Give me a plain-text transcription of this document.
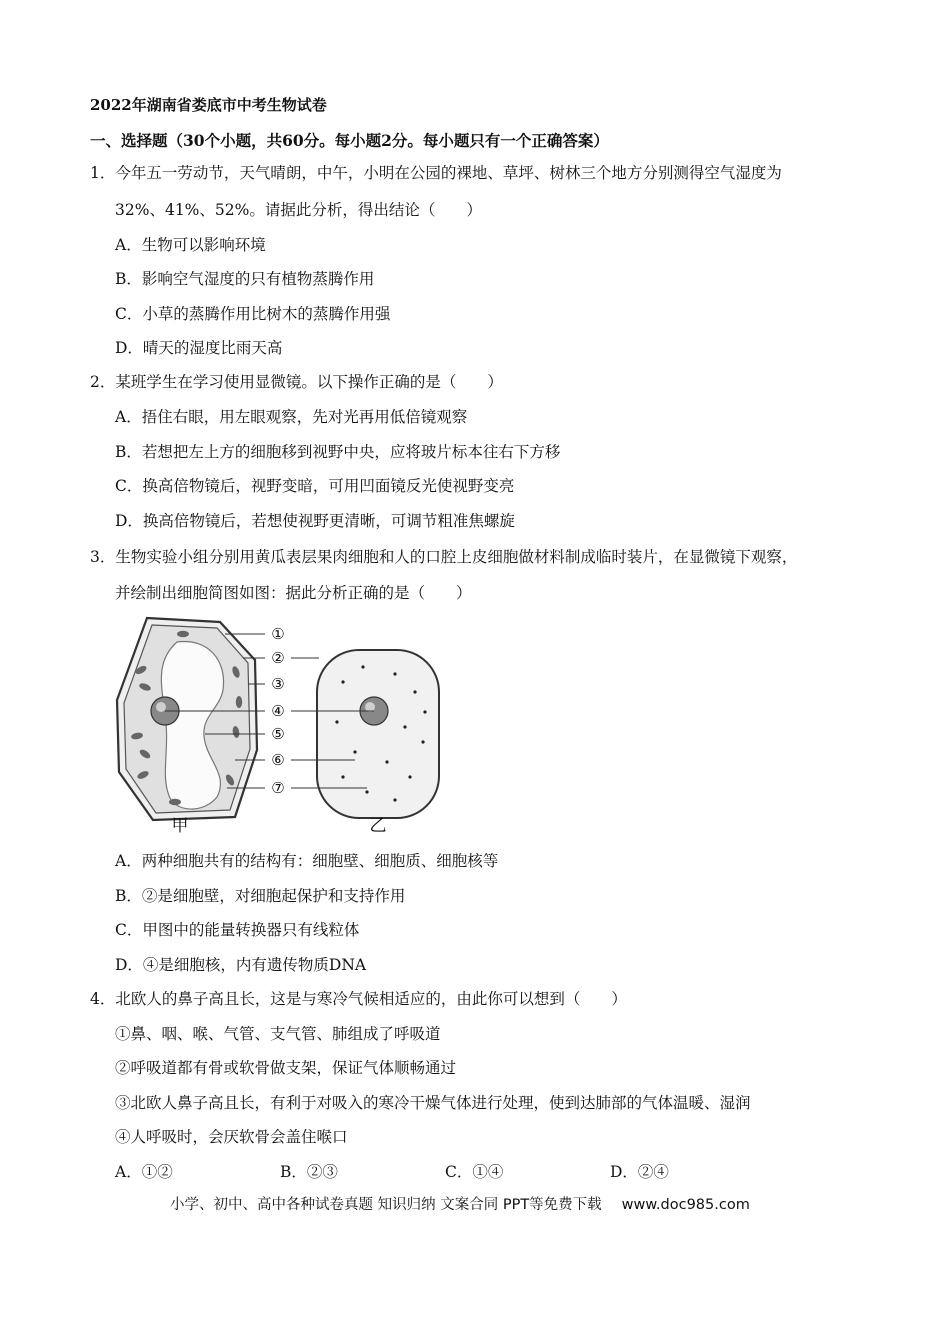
2022年湖南省娄底市中考生物试卷
一、选择题（30个小题，共60分。每小题2分。每小题只有一个正确答案）
1．今年五一劳动节，天气晴朗，中午，小明在公园的裸地、草坪、树林三个地方分别测得空气湿度为
32%、41%、52%。请据此分析，得出结论（　　）
A．生物可以影响环境
B．影响空气湿度的只有植物蒸腾作用
C．小草的蒸腾作用比树木的蒸腾作用强
D．晴天的湿度比雨天高
2．某班学生在学习使用显微镜。以下操作正确的是（　　）
A．捂住右眼，用左眼观察，先对光再用低倍镜观察
B．若想把左上方的细胞移到视野中央，应将玻片标本往右下方移
C．换高倍物镜后，视野变暗，可用凹面镜反光使视野变亮
D．换高倍物镜后，若想使视野更清晰，可调节粗准焦螺旋
3．生物实验小组分别用黄瓜表层果肉细胞和人的口腔上皮细胞做材料制成临时装片，在显微镜下观察，
并绘制出细胞简图如图：据此分析正确的是（　　）
①
②
③
④
⑤
⑥
⑦
甲	乙
A．两种细胞共有的结构有：细胞壁、细胞质、细胞核等
B．②是细胞壁，对细胞起保护和支持作用
C．甲图中的能量转换器只有线粒体
D．④是细胞核，内有遗传物质DNA
4．北欧人的鼻子高且长，这是与寒冷气候相适应的，由此你可以想到（　　）
①鼻、咽、喉、气管、支气管、肺组成了呼吸道
②呼吸道都有骨或软骨做支架，保证气体顺畅通过
③北欧人鼻子高且长，有利于对吸入的寒冷干燥气体进行处理，使到达肺部的气体温暖、湿润
④人呼吸时，会厌软骨会盖住喉口
A．①②	B．②③	C．①④	D．②④
小学、初中、高中各种试卷真题 知识归纳 文案合同 PPT等免费下载 www.doc985.com
